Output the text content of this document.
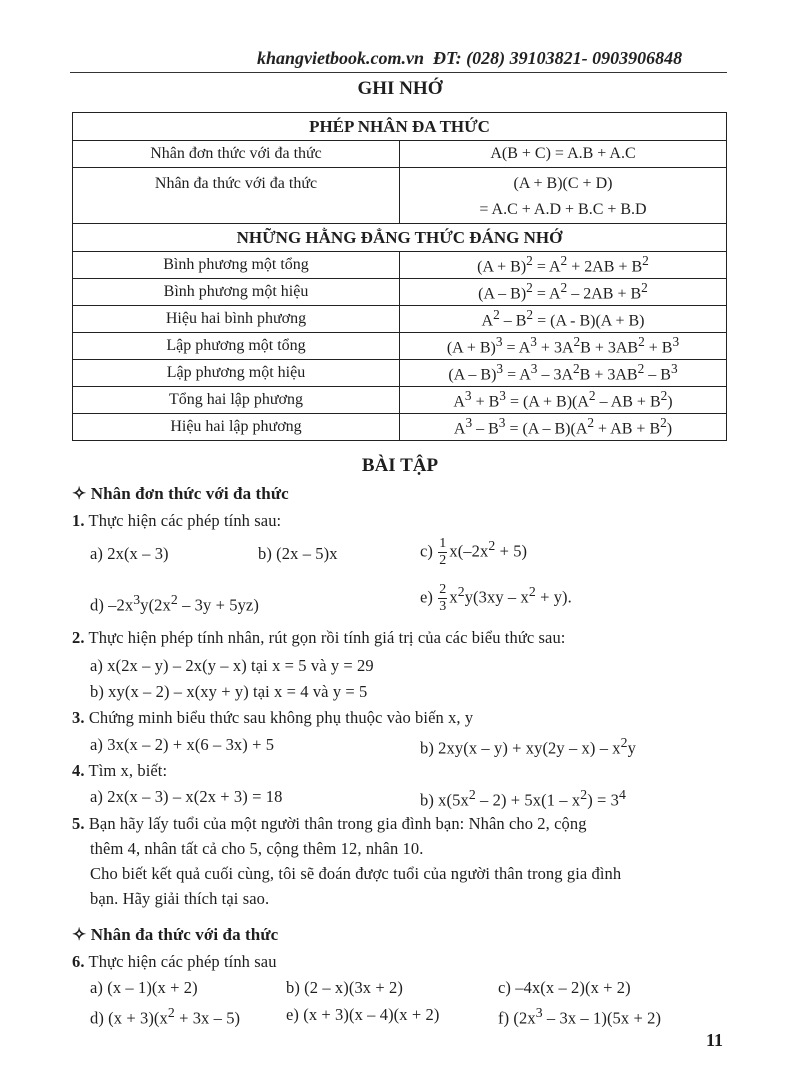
khangvietbook.com.vn ĐT: (028) 39103821- 0903906848
GHI NHỚ
PHÉP NHÂN ĐA THỨC	
Nhân đơn thức với đa thức	A(B + C) = A.B + A.C
Nhân đa thức với đa thức	(A + B)(C + D)
= A.C + A.D + B.C + B.D

NHỮNG HẰNG ĐẲNG THỨC ĐÁNG NHỚ	
Bình phương một tổng	$(A + B)^2 = A^2 + 2AB + B^2$
Bình phương một hiệu	$(A - B)^2 = A^2 - 2AB + B^2$
Hiệu hai bình phương	$A^2 - B^2 = (A - B)(A + B)$
Lập phương một tổng	$(A + B)^3 = A^3 + 3A^2B + 3AB^2 + B^3$
Lập phương một hiệu	$(A - B)^3 = A^3 - 3A^2B + 3AB^2 - B^3$
Tổng hai lập phương	$A^3 + B^3 = (A + B)(A^2$ – AB + $B^2$)
Hiệu hai lập phương	$A^3 - B^3 = (A - B)(A^2$ + AB + $B^2$)
BÀI TẬP
✧ Nhân đơn thức với đa thức
1. Thực hiện các phép tính sau:
a) 2x(x – 3)	b) (2x – 5)x	$c) \frac{1}{2} x(-2x^2 + 5)$
d) $-2x^3y(2x^2 - 3y + 5yz)$	$e) \frac{2}{3} x^2y(3xy - x^2 + y)$.
2. Thực hiện phép tính nhân, rút gọn rồi tính giá trị của các biểu thức sau:
a) x(2x – y) – 2x(y – x) tại x = 5 và y = 29
b) xy(x – 2) – x(xy + y) tại x = 4 và y = 5
3. Chứng minh biểu thức sau không phụ thuộc vào biến x, y
a) 3x(x – 2) + x(6 – 3x) + 5	b) $2xy(x - y) + xy(2y - x) - x^2y$
4. Tìm x, biết:
a) 2x(x – 3) – x(2x + 3) = 18	b) $x(5x^2 - 2) + 5x(1 - x^2) = 3^4$
5. Bạn hãy lấy tuổi của một người thân trong gia đình bạn: Nhân cho 2, cộng
thêm 4, nhân tất cả cho 5, cộng thêm 12, nhân 10.
Cho biết kết quả cuối cùng, tôi sẽ đoán được tuổi của người thân trong gia đình
bạn. Hãy giải thích tại sao.
✧ Nhân đa thức với đa thức
6. Thực hiện các phép tính sau
a) (x – 1)(x + 2)	b) (2 – x)(3x + 2)	c) –4x(x – 2)(x + 2)
d) $(x + 3)(x^2 + 3x - 5)$	e) (x + 3)(x – 4)(x + 2)	f) $(2x^3 - 3x - 1)(5x + 2)$
11
